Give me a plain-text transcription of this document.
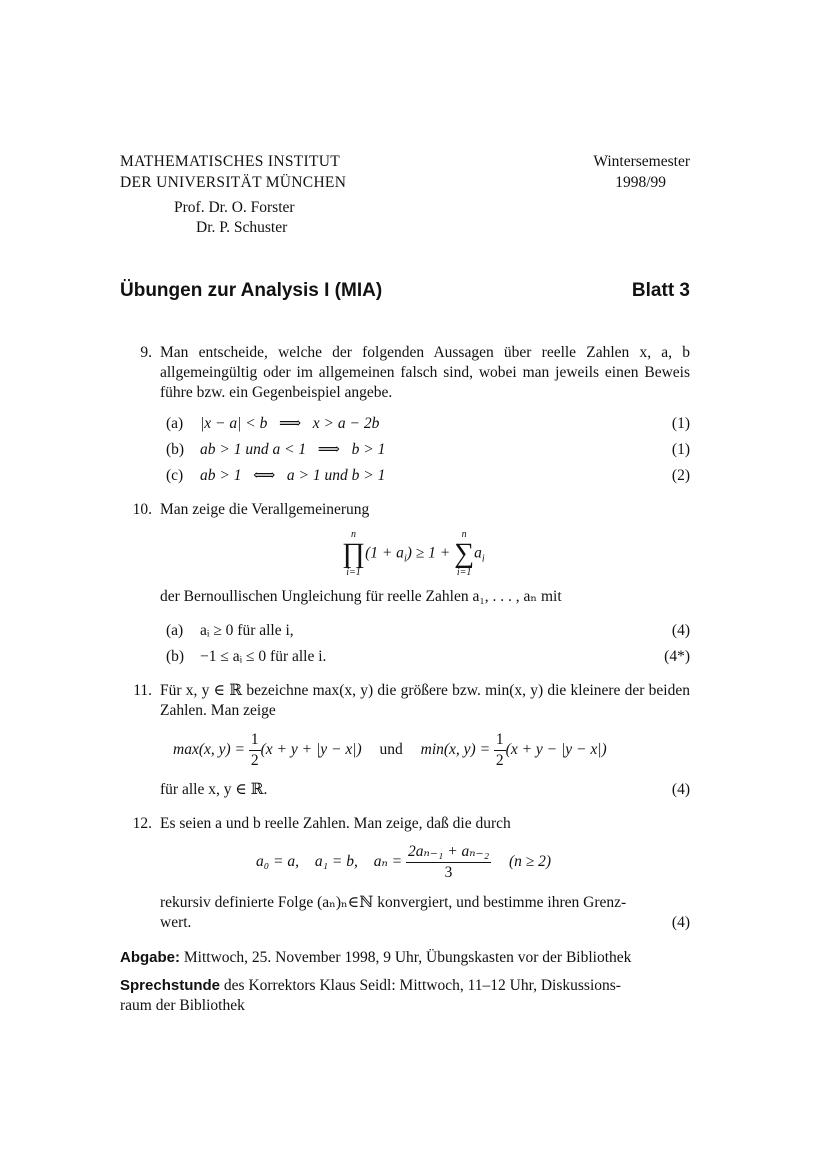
MATHEMATISCHES INSTITUT
DER UNIVERSITÄT MÜNCHEN
Prof. Dr. O. Forster
Dr. P. Schuster
Wintersemester
1998/99
Übungen zur Analysis I (MIA)	Blatt 3
9. Man entscheide, welche der folgenden Aussagen über reelle Zahlen x, a, b allgemeingültig oder im allgemeinen falsch sind, wobei man jeweils einen Beweis führe bzw. ein Gegenbeispiel angebe.
(a) |x − a| < b   ⟹   x > a − 2b	(1)
(b) ab > 1 und a < 1   ⟹   b > 1	(1)
(c) ab > 1   ⟺   a > 1 und b > 1	(2)
10. Man zeige die Verallgemeinerung
n
∏
i=1
$(1 + a_i) \ge 1$ +
n
∑
i=1
$a_i$
der Bernoullischen Ungleichung für reelle Zahlen a₁, . . . , aₙ mit
(a) aᵢ ≥ 0 für alle i,	(4)
(b) −1 ≤ aᵢ ≤ 0 für alle i.	(4*)
11. Für x, y ∈ ℝ bezeichne max(x, y) die größere bzw. min(x, y) die kleinere der beiden Zahlen. Man zeige
max(x, $y) = \frac{1}{2} (x + y + |y - x|)$ und min(x, $y) = \frac{1}{2} (x + y - |y - x|)$
für alle x, y ∈ ℝ.	(4)
12. Es seien a und b reelle Zahlen. Man zeige, daß die durch
a₀ = a, a₁ = b, $a_n = \frac{\text{2aₙ₋₁ + aₙ₋₂}}{3} (n \ge 2)$
rekursiv definierte Folge (aₙ)ₙ∈ℕ konvergiert, und bestimme ihren Grenz-
wert.	(4)
Abgabe: Mittwoch, 25. November 1998, 9 Uhr, Übungskasten vor der Bibliothek
Sprechstunde des Korrektors Klaus Seidl: Mittwoch, 11–12 Uhr, Diskussions-
raum der Bibliothek
